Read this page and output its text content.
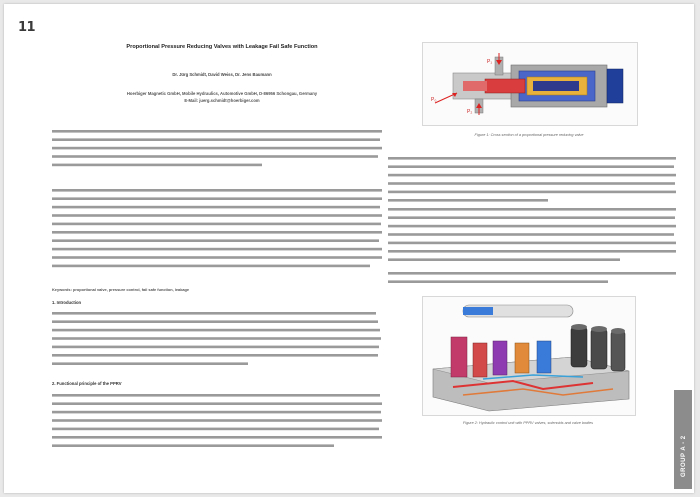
11
Proportional Pressure Reducing Valves with Leakage Fail Safe Function
Dr. Jürg Schmidt, David Weiss, Dr. Jens Baumann
Hoerbiger Magnetic GmbH, Mobile Hydraulics, Automotive GmbH, D-86956 Schongau, Germany
E-Mail: juerg.schmidt@hoerbiger.com
Keywords: proportional valve, pressure control, fail safe function, leakage
1. Introduction
2. Functional principle of the PPRV
P₁
P₂
P₀
Figure 1: Cross section of a proportional pressure reducing valve
Figure 2: Hydraulic control unit with PPRV valves, solenoids and valve bodies
GROUP A - 2
